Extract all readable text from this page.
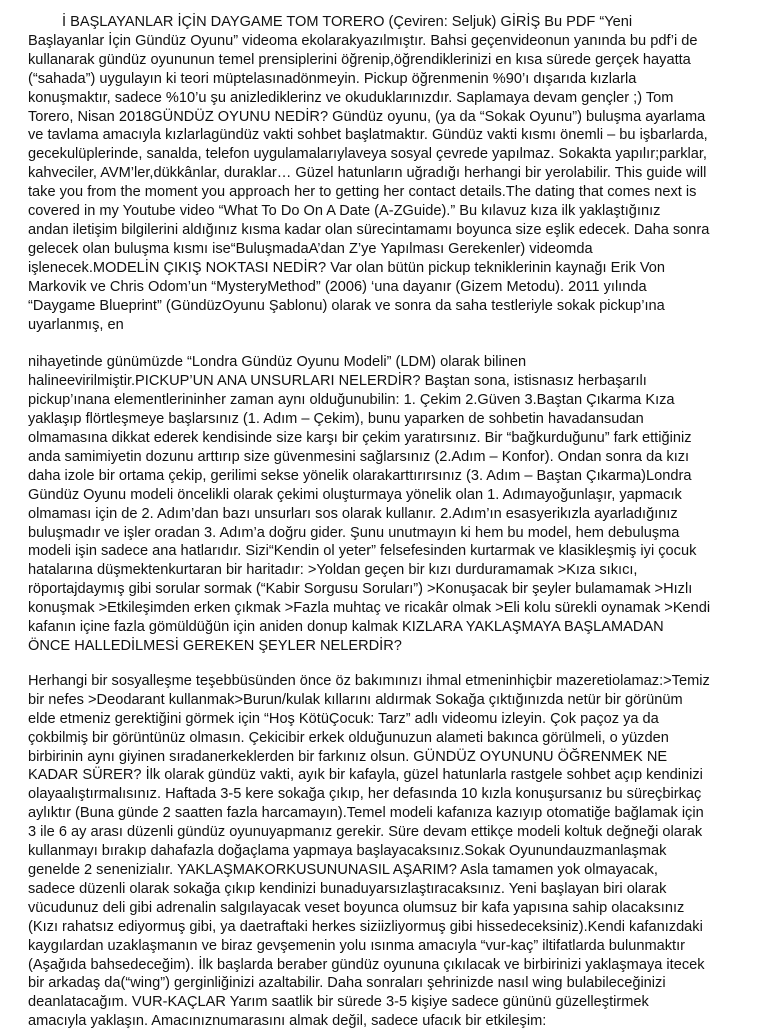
İ BAŞLAYANLAR İÇİN DAYGAME TOM TORERO (Çeviren: Seljuk) GİRİŞ Bu PDF “Yeni

Başlayanlar İçin Gündüz Oyunu” videoma ekolarakyazılmıştır. Bahsi geçenvideonun yanında bu pdf’i de

kullanarak gündüz oyununun temel prensiplerini öğrenip,öğrendiklerinizi en kısa sürede gerçek hayatta

(“sahada”) uygulayın ki teori müptelasınadönmeyin. Pickup öğrenmenin %90’ı dışarıda kızlarla

konuşmaktır, sadece %10’u şu anizlediklerinz ve okuduklarınızdır. Saplamaya devam gençler ;) Tom

Torero, Nisan 2018GÜNDÜZ OYUNU NEDİR? Gündüz oyunu, (ya da “Sokak Oyunu”) buluşma ayarlama

ve tavlama amacıyla kızlarlagündüz vakti sohbet başlatmaktır. Gündüz vakti kısmı önemli – bu işbarlarda,

gecekulüplerinde, sanalda, telefon uygulamalarıylaveya sosyal çevrede yapılmaz. Sokakta yapılır;parklar,

kahveciler, AVM’ler,dükkânlar, duraklar… Güzel hatunların uğradığı herhangi bir yerolabilir. This guide will

take you from the moment you approach her to getting her contact details.The dating that comes next is

covered in my Youtube video “What To Do On A Date (A-ZGuide).” Bu kılavuz kıza ilk yaklaştığınız

andan iletişim bilgilerini aldığınız kısma kadar olan sürecintamamı boyunca size eşlik edecek. Daha sonra

gelecek olan buluşma kısmı ise“BuluşmadaA’dan Z’ye Yapılması Gerekenler) videomda

işlenecek.MODELİN ÇIKIŞ NOKTASI NEDİR? Var olan bütün pickup tekniklerinin kaynağı Erik Von

Markovik ve Chris Odom’un “MysteryMethod” (2006) ‘una dayanır (Gizem Metodu). 2011 yılında

“Daygame Blueprint” (GündüzOyunu Şablonu) olarak ve sonra da saha testleriyle sokak pickup’ına

uyarlanmış, en

nihayetinde günümüzde “Londra Gündüz Oyunu Modeli” (LDM) olarak bilinen

halineevirilmiştir.PICKUP’UN ANA UNSURLARI NELERDİR? Baştan sona, istisnasız herbaşarılı

pickup’ınana elementlerininher zaman aynı olduğunubilin: 1. Çekim 2.Güven 3.Baştan Çıkarma Kıza

yaklaşıp flörtleşmeye başlarsınız (1. Adım – Çekim), bunu yaparken de sohbetin havadansudan

olmamasına dikkat ederek kendisinde size karşı bir çekim yaratırsınız. Bir “bağkurduğunu” fark ettiğiniz

anda samimiyetin dozunu arttırıp size güvenmesini sağlarsınız (2.Adım – Konfor). Ondan sonra da kızı

daha izole bir ortama çekip, gerilimi sekse yönelik olarakarttırırsınız (3. Adım – Baştan Çıkarma)Londra

Gündüz Oyunu modeli öncelikli olarak çekimi oluşturmaya yönelik olan 1. Adımayoğunlaşır, yapmacık

olmaması için de 2. Adım’dan bazı unsurları sos olarak kullanır. 2.Adım’ın esasyerikızla ayarladığınız

buluşmadır ve işler oradan 3. Adım’a doğru gider. Şunu unutmayın ki hem bu model, hem debuluşma

modeli işin sadece ana hatlarıdır. Sizi“Kendin ol yeter” felsefesinden kurtarmak ve klasikleşmiş iyi çocuk

hatalarına düşmektenkurtaran bir haritadır: >Yoldan geçen bir kızı durduramamak >Kıza sıkıcı,

röportajdaymış gibi sorular sormak (“Kabir Sorgusu Soruları”) >Konuşacak bir şeyler bulamamak >Hızlı

konuşmak >Etkileşimden erken çıkmak >Fazla muhtaç ve ricakâr olmak >Eli kolu sürekli oynamak >Kendi

kafanın içine fazla gömüldüğün için aniden donup kalmak KIZLARA YAKLAŞMAYA BAŞLAMADAN

ÖNCE HALLEDİLMESİ GEREKEN ŞEYLER NELERDİR?

Herhangi bir sosyalleşme teşebbüsünden önce öz bakımınızı ihmal etmeninhiçbir mazeretiolamaz:>Temiz

bir nefes >Deodarant kullanmak>Burun/kulak kıllarını aldırmak Sokağa çıktığınızda netür bir görünüm

elde etmeniz gerektiğini görmek için “Hoş KötüÇocuk: Tarz” adlı videomu izleyin. Çok paçoz ya da

çokbilmiş bir görüntünüz olmasın. Çekicibir erkek olduğunuzun alameti bakınca görülmeli, o yüzden

birbirinin aynı giyinen sıradanerkeklerden bir farkınız olsun. GÜNDÜZ OYUNUNU ÖĞRENMEK NE

KADAR SÜRER? İlk olarak gündüz vakti, ayık bir kafayla, güzel hatunlarla rastgele sohbet açıp kendinizi

olayaalıştırmalısınız. Haftada 3-5 kere sokağa çıkıp, her defasında 10 kızla konuşursanız bu süreçbirkaç

aylıktır (Buna günde 2 saatten fazla harcamayın).Temel modeli kafanıza kazıyıp otomatiğe bağlamak için

3 ile 6 ay arası düzenli gündüz oyunuyapmanız gerekir. Süre devam ettikçe modeli koltuk değneği olarak

kullanmayı bırakıp dahafazla doğaçlama yapmaya başlayacaksınız.Sokak Oyunundauzmanlaşmak

genelde 2 senenizialır. YAKLAŞMAKORKUSUNUNASIL AŞARIM? Asla tamamen yok olmayacak,

sadece düzenli olarak sokağa çıkıp kendinizi bunaduyarsızlaştıracaksınız. Yeni başlayan biri olarak

vücudunuz deli gibi adrenalin salgılayacak veset boyunca olumsuz bir kafa yapısına sahip olacaksınız

(Kızı rahatsız ediyormuş gibi, ya daetraftaki herkes siziizliyormuş gibi hissedeceksiniz).Kendi kafanızdaki

kaygılardan uzaklaşmanın ve biraz gevşemenin yolu ısınma amacıyla “vur-kaç” iltifatlarda bulunmaktır

(Aşağıda bahsedeceğim). İlk başlarda beraber gündüz oyununa çıkılacak ve birbirinizi yaklaşmaya itecek

bir arkadaş da(“wing”) gerginliğinizi azaltabilir. Daha sonraları şehrinizde nasıl wing bulabileceğinizi

deanlatacağım. VUR-KAÇLAR Yarım saatlik bir sürede 3-5 kişiye sadece gününü güzelleştirmek

amacıyla yaklaşın. Amacınıznumarasını almak değil, sadece ufacık bir etkileşim:
